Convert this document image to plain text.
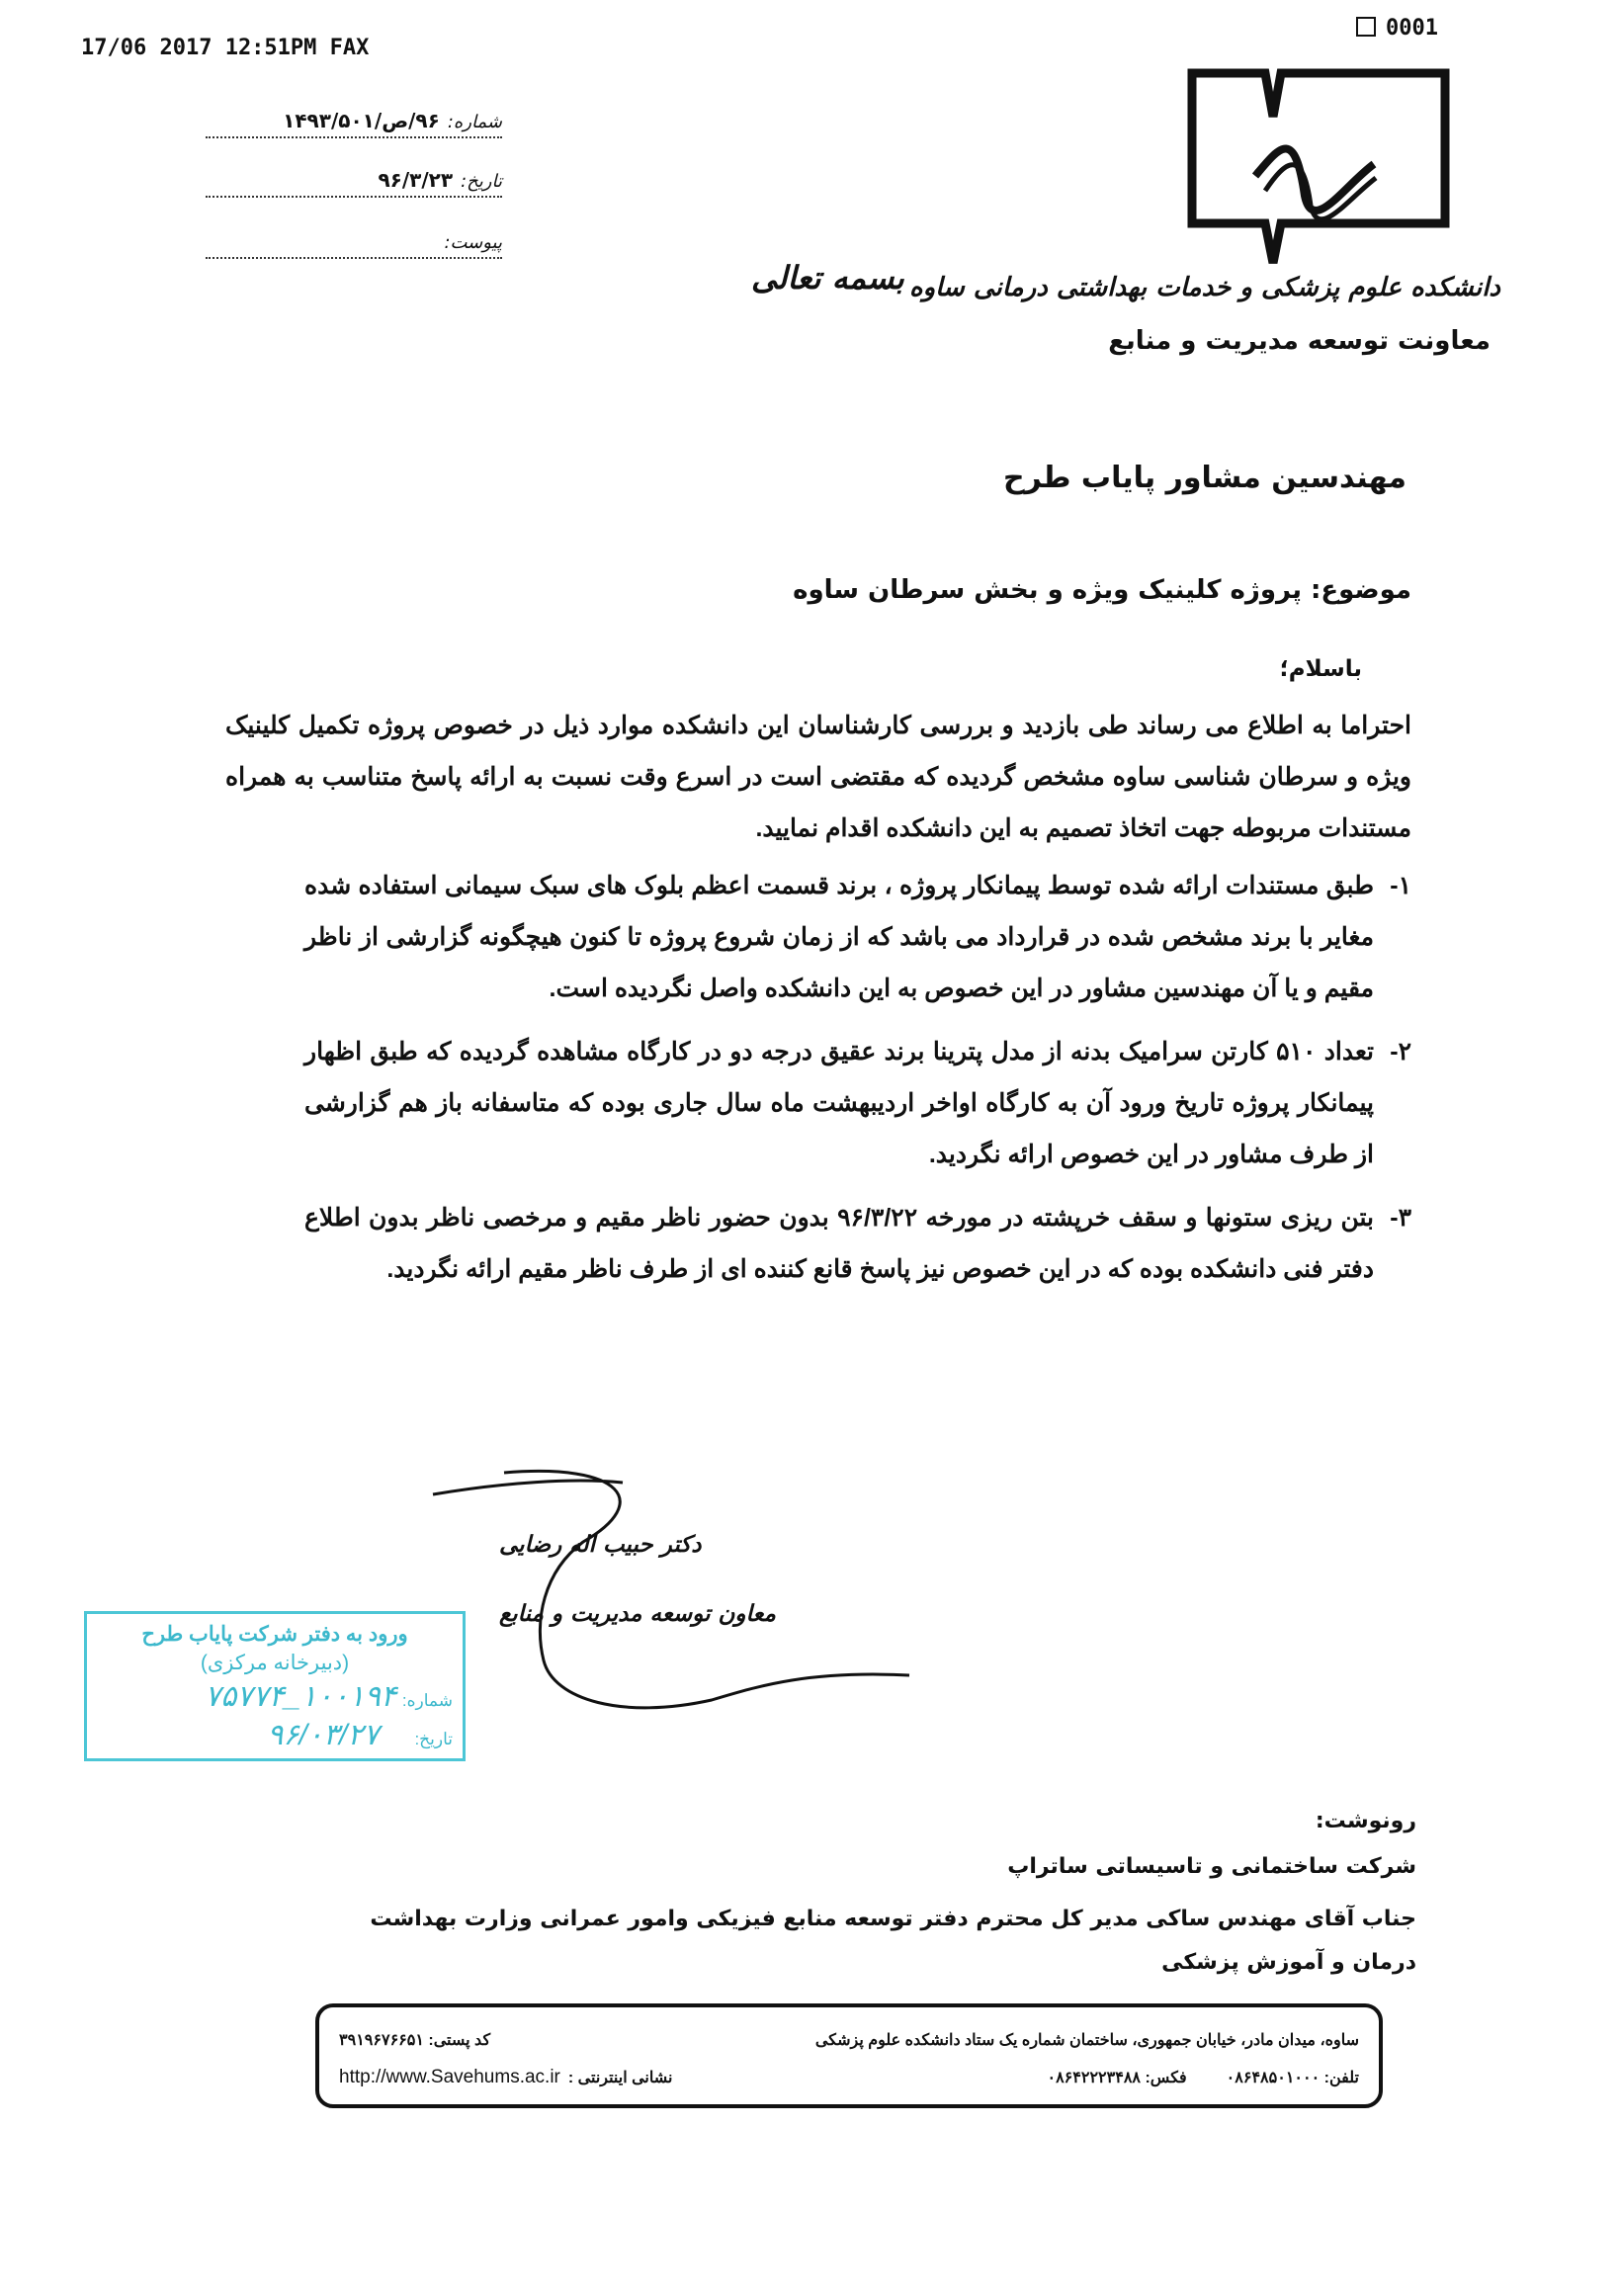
17/06 2017 12:51PM FAX
0001
دانشکده علوم پزشکی و خدمات بهداشتی درمانی ساوه
معاونت توسعه مدیریت و منابع
شماره:۹۶/ص/۱۴۹۳/۵۰۱
تاریخ:۹۶/۳/۲۳
پیوست:
بسمه تعالی
مهندسین مشاور پایاب طرح
موضوع: پروژه کلینیک ویژه و بخش سرطان ساوه
باسلام؛
احتراما به اطلاع می رساند طی بازدید و بررسی کارشناسان این دانشکده موارد ذیل در خصوص پروژه تکمیل کلینیک ویژه و سرطان شناسی ساوه مشخص گردیده که مقتضی است در اسرع وقت نسبت به ارائه پاسخ متناسب به همراه مستندات مربوطه جهت اتخاذ تصمیم به این دانشکده اقدام نمایید.
۱-
طبق مستندات ارائه شده توسط پیمانکار پروژه ، برند قسمت اعظم بلوک های سبک سیمانی استفاده شده مغایر با برند مشخص شده در قرارداد می باشد که از زمان شروع پروژه تا کنون هیچگونه گزارشی از ناظر مقیم و یا آن مهندسین مشاور در این خصوص به این دانشکده واصل نگردیده است.
۲-
تعداد ۵۱۰ کارتن سرامیک بدنه از مدل پترینا برند عقیق درجه دو در کارگاه مشاهده گردیده که طبق اظهار پیمانکار پروژه تاریخ ورود آن به کارگاه اواخر اردیبهشت ماه سال جاری بوده که متاسفانه باز هم گزارشی از طرف مشاور در این خصوص ارائه نگردید.
۳-
بتن ریزی ستونها و سقف خرپشته در مورخه ۹۶/۳/۲۲ بدون حضور ناظر مقیم و مرخصی ناظر بدون اطلاع دفتر فنی دانشکده بوده که در این خصوص نیز پاسخ قانع کننده ای از طرف ناظر مقیم ارائه نگردید.
دکتر حبیب اله رضایی
معاون توسعه مدیریت و منابع
ورود به دفتر شرکت پایاب طرح
(دبیرخانه مرکزی)
شماره: ۱۰۰۱۹۴_۷۵۷۷۴
تاریخ: ۹۶/۰۳/۲۷
رونوشت:
شرکت ساختمانی و تاسیساتی ساتراپ
جناب آقای مهندس ساکی مدیر کل محترم دفتر توسعه منابع فیزیکی وامور عمرانی وزارت بهداشت درمان و آموزش پزشکی
ساوه، میدان مادر، خیابان جمهوری، ساختمان شماره یک ستاد دانشکده علوم پزشکی
کد پستی: ۳۹۱۹۶۷۶۶۵۱
تلفن: ۰۸۶۴۸۵۰۱۰۰۰
فکس: ۰۸۶۴۲۲۲۳۴۸۸
نشانی اینترنتی :
http://www.Savehums.ac.ir
